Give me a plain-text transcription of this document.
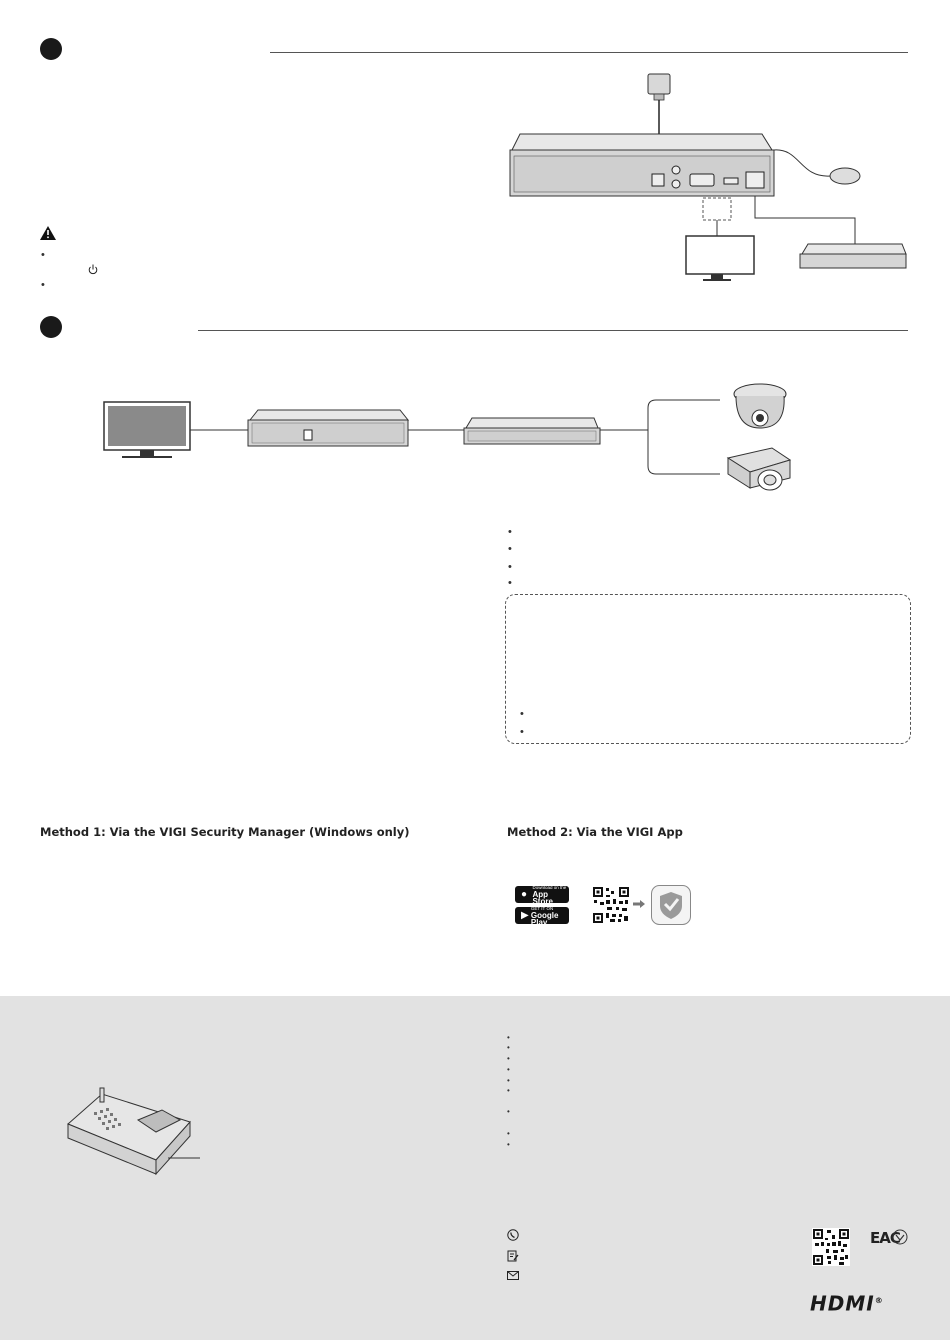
•
•
•
•
•
•
•
•
Method 1: Via the VIGI Security Manager (Windows only)	Method 2: Via the VIGI App
●
Download on the
App Store
▶
GET IT ON
Google Play
•
•
•
•
•
•
•
•
•
EAC
HDMI®
